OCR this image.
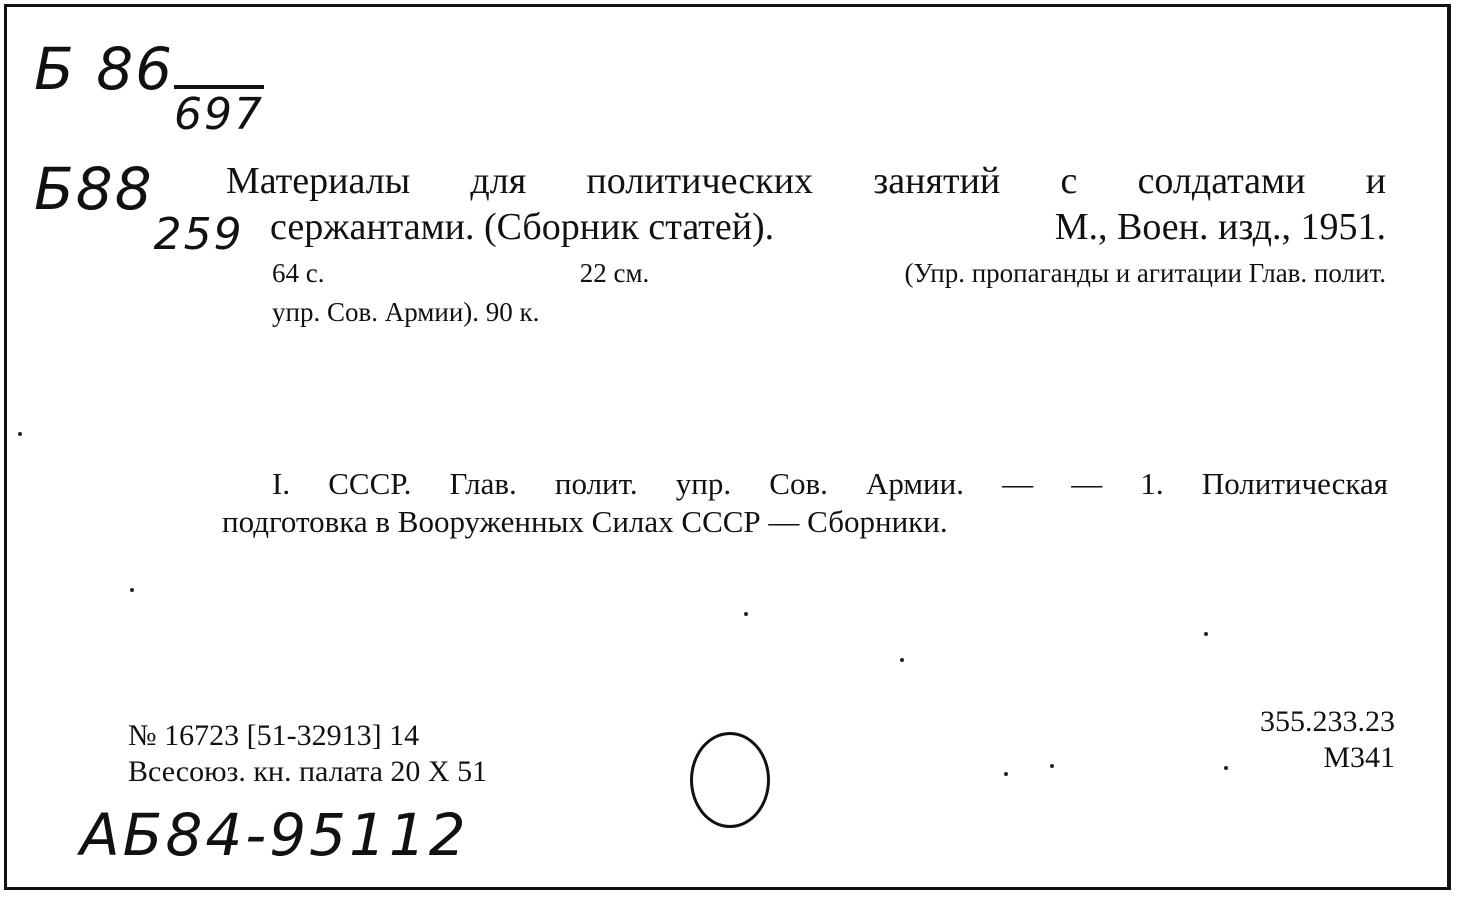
Б $86_{697}$
$Б88_{259}$
Материалы для политических занятий с солдатами и
сержантами. (Сборник статей).	М., Воен. изд., 1951.
64 с.	22 см.	(Упр. пропаганды и агитации Глав. полит.
упр. Сов. Армии). 90 к.
I. СССР. Глав. полит. упр. Сов. Армии. — — 1. Политическая
подготовка в Вооруженных Силах СССР — Сборники.
№ 16723 [51-32913] 14
Всесоюз. кн. палата 20 X 51
355.233.23
М341
АБ84-95112
